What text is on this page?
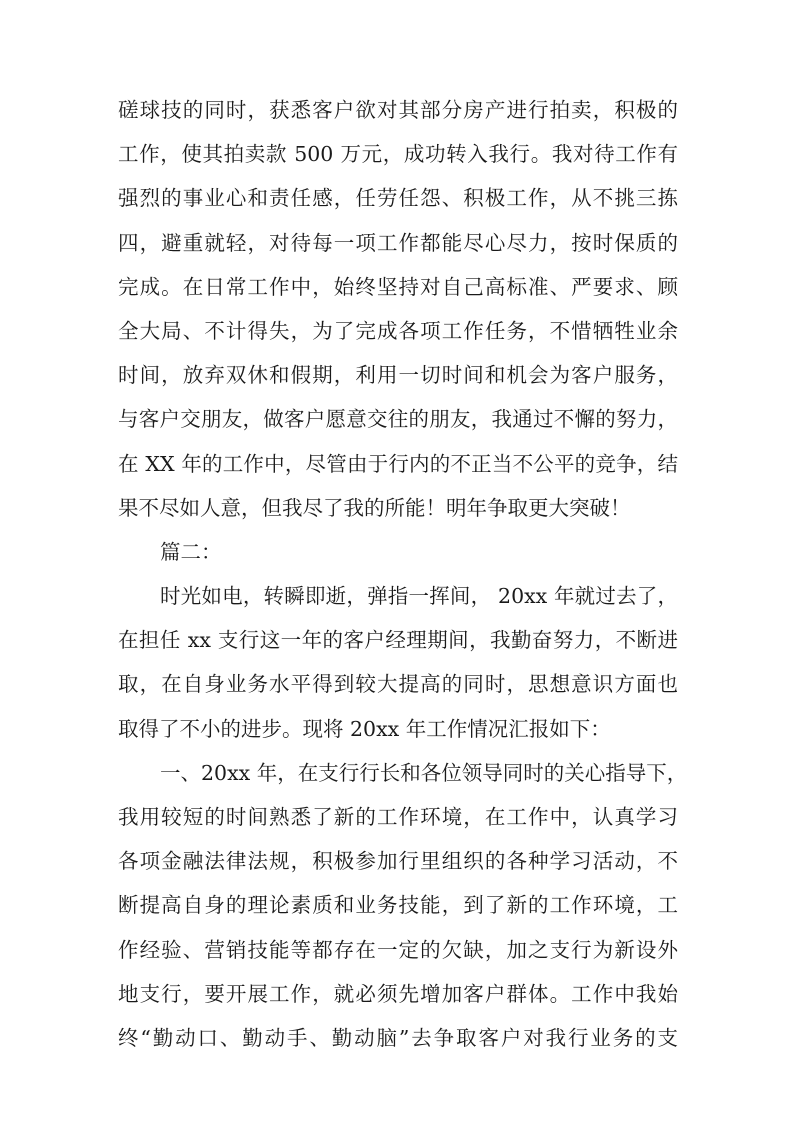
磋球技的同时，获悉客户欲对其部分房产进行拍卖，积极的
工作，使其拍卖款 500 万元，成功转入我行。我对待工作有
强烈的事业心和责任感，任劳任怨、积极工作，从不挑三拣
四，避重就轻，对待每一项工作都能尽心尽力，按时保质的
完成。在日常工作中，始终坚持对自己高标准、严要求、顾
全大局、不计得失，为了完成各项工作任务，不惜牺牲业余
时间，放弃双休和假期，利用一切时间和机会为客户服务，
与客户交朋友，做客户愿意交往的朋友，我通过不懈的努力，
在 XX 年的工作中，尽管由于行内的不正当不公平的竞争，结
果不尽如人意，但我尽了我的所能！明年争取更大突破！
篇二：
时光如电，转瞬即逝，弹指一挥间， 20xx 年就过去了，
在担任 xx 支行这一年的客户经理期间，我勤奋努力，不断进
取，在自身业务水平得到较大提高的同时，思想意识方面也
取得了不小的进步。现将 20xx 年工作情况汇报如下：
一、20xx 年，在支行行长和各位领导同时的关心指导下，
我用较短的时间熟悉了新的工作环境，在工作中，认真学习
各项金融法律法规，积极参加行里组织的各种学习活动，不
断提高自身的理论素质和业务技能，到了新的工作环境，工
作经验、营销技能等都存在一定的欠缺，加之支行为新设外
地支行，要开展工作，就必须先增加客户群体。工作中我始
终“勤动口、勤动手、勤动脑”去争取客户对我行业务的支
